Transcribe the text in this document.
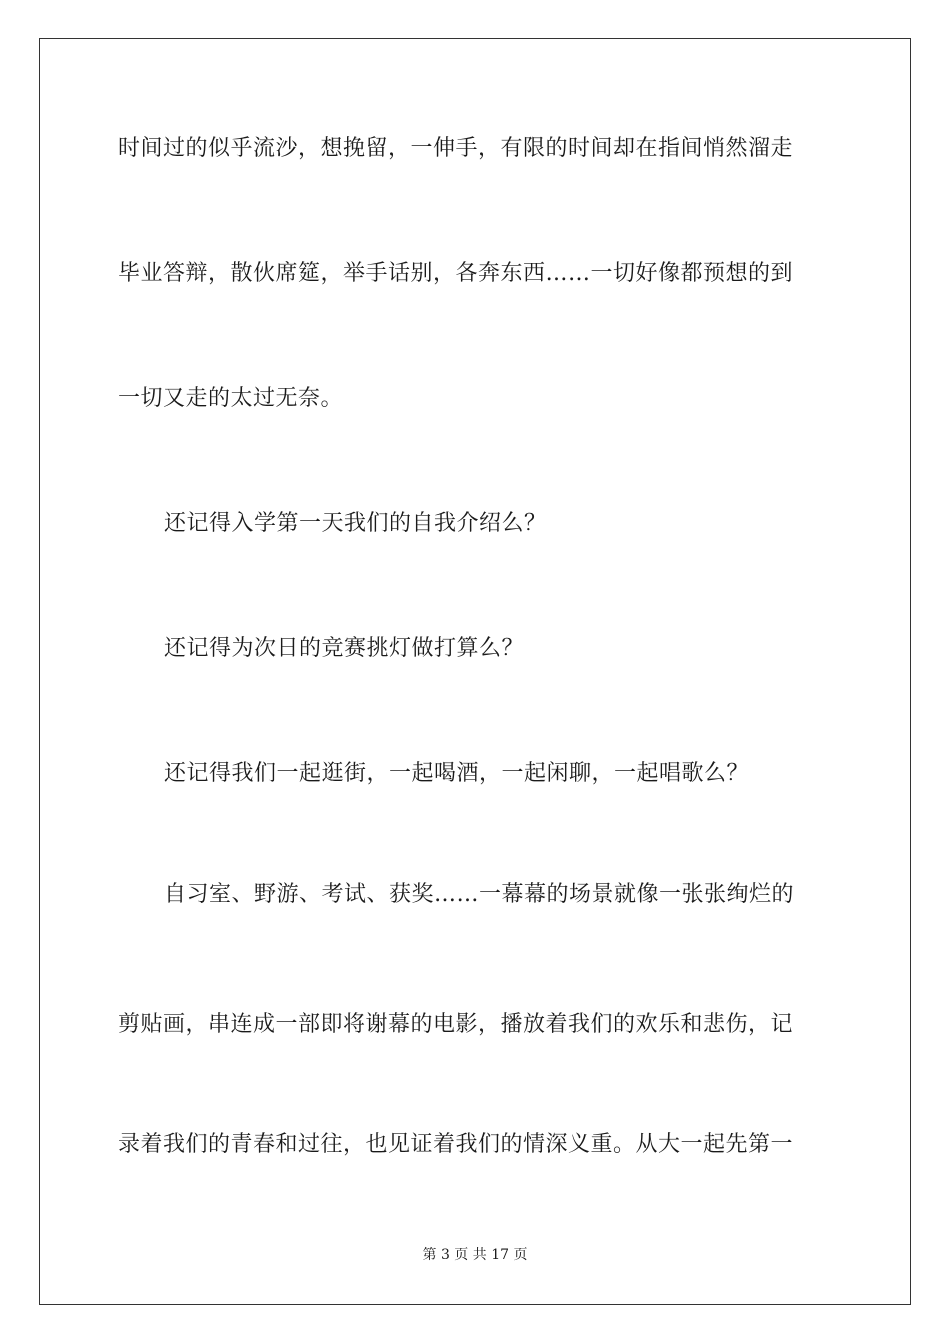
时间过的似乎流沙，想挽留，一伸手，有限的时间却在指间悄然溜走
毕业答辩，散伙席筵，举手话别，各奔东西……一切好像都预想的到
一切又走的太过无奈。
还记得入学第一天我们的自我介绍么？
还记得为次日的竞赛挑灯做打算么？
还记得我们一起逛街，一起喝酒，一起闲聊，一起唱歌么？
自习室、野游、考试、获奖……一幕幕的场景就像一张张绚烂的
剪贴画，串连成一部即将谢幕的电影，播放着我们的欢乐和悲伤，记
录着我们的青春和过往，也见证着我们的情深义重。从大一起先第一
第 3 页 共 17 页
